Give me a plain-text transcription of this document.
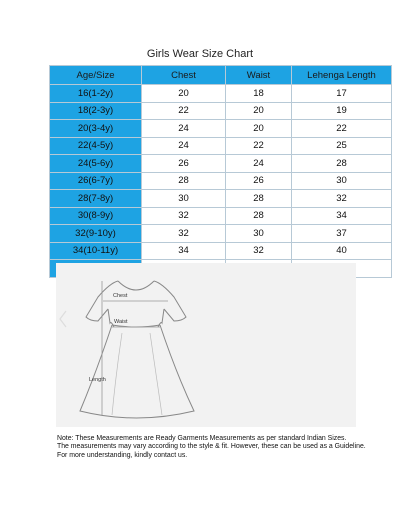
Girls Wear Size Chart
Age/Size	Chest	Waist	Lehenga Length
16(1-2y)	20	18	17
18(2-3y)	22	20	19
20(3-4y)	24	20	22
22(4-5y)	24	22	25
24(5-6y)	26	24	28
26(6-7y)	28	26	30
28(7-8y)	30	28	32
30(8-9y)	32	28	34
32(9-10y)	32	30	37
34(10-11y)	34	32	40

Chest
Waist
Length
Note: These Measurements are Ready Garments Measurements as per standard Indian Sizes.
The measurements may vary according to the style & fit. However, these can be used as a Guideline.
For more understanding, kindly contact us.
